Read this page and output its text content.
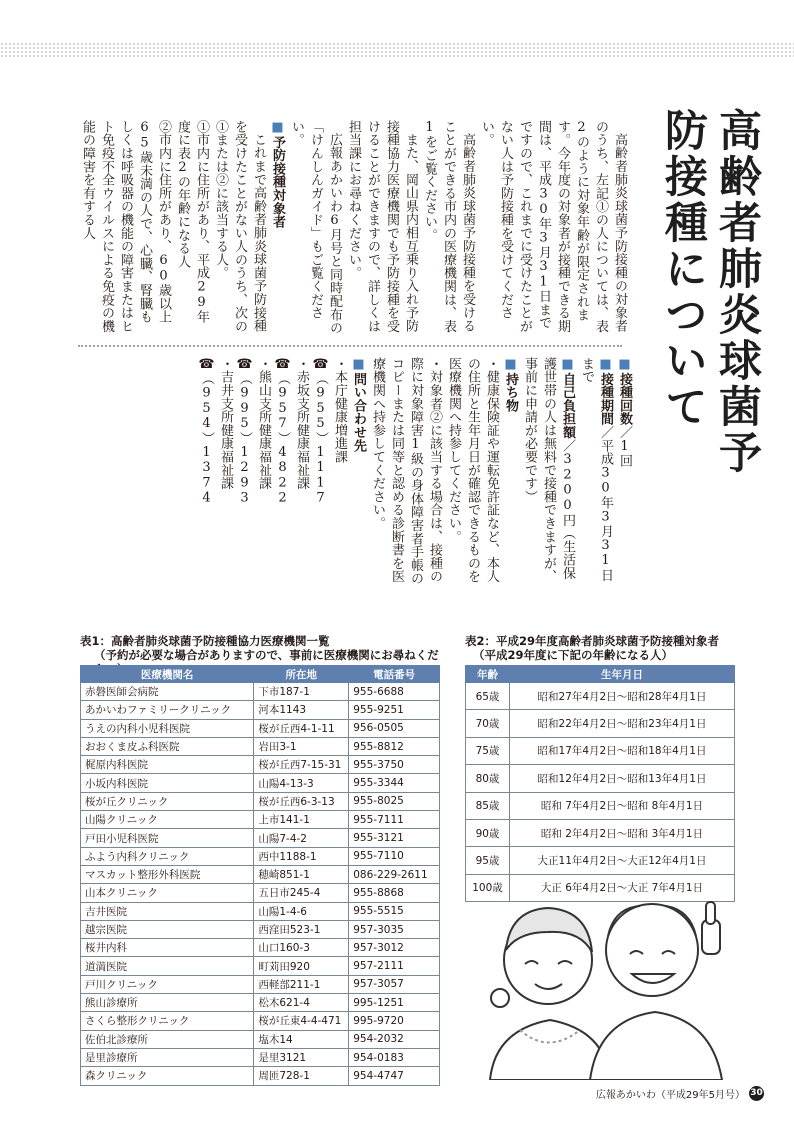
高齢者肺炎球菌予防接種について

高齢者肺炎球菌予防接種の対象者のうち、左記①の人については、表2のように対象年齢が限定されます。今年度の対象者が接種できる期間は、平成30年3月31日までですので、これまでに受けたことがない人は予防接種を受けてください。

高齢者肺炎球菌予防接種を受けることができる市内の医療機関は、表1をご覧ください。

また、岡山県内相互乗り入れ予防接種協力医療機関でも予防接種を受けることができますので、詳しくは担当課にお尋ねください。

広報あかいわ6月号と同時配布の「けんしんガイド」もご覧ください。

■予防接種対象者

これまで高齢者肺炎球菌予防接種を受けたことがない人のうち、次の①または②に該当する人。

①市内に住所があり、平成29年度に表2の年齢になる人

②市内に住所があり、60歳以上65歳未満の人で、心臓、腎臓もしくは呼吸器の機能の障害またはヒト免疫不全ウイルスによる免疫の機能の障害を有する人

■接種回数／1回

■接種期間／平成30年3月31日まで

■自己負担額／3200円（生活保護世帯の人は無料で接種できますが、事前に申請が必要です）

■持ち物

・健康保険証や運転免許証など、本人の住所と生年月日が確認できるものを医療機関へ持参してください。

・対象者②に該当する場合は、接種の際に対象障害1級の身体障害者手帳のコピーまたは同等と認める診断書を医療機関へ持参してください。

■問い合わせ先

・本庁健康増進課

☎（955）1117

・赤坂支所健康福祉課

☎（957）4822

・熊山支所健康福祉課

☎（995）1293

・吉井支所健康福祉課

☎（954）1374

表1：高齢者肺炎球菌予防接種協力医療機関一覧
（予約が必要な場合がありますので、事前に医療機関にお尋ねくだ
医療機関名	所在地	電話番号
赤磐医師会病院	下市187-1	955-6688
あかいわファミリークリニック	河本1143	955-9251
うえの内科小児科医院	桜が丘西4-1-11	956-0505
おおくま皮ふ科医院	岩田3-1	955-8812
梶原内科医院	桜が丘西7-15-31	955-3750
小坂内科医院	山陽4-13-3	955-3344
桜が丘クリニック	桜が丘西6-3-13	955-8025
山陽クリニック	上市141-1	955-7111
戸田小児科医院	山陽7-4-2	955-3121
ふよう内科クリニック	西中1188-1	955-7110
マスカット整形外科医院	穂崎851-1	086-229-2611
山本クリニック	五日市245-4	955-8868
吉井医院	山陽1-4-6	955-5515
越宗医院	西窪田523-1	957-3035
桜井内科	山口160-3	957-3012
道満医院	町苅田920	957-2111
戸川クリニック	西軽部211-1	957-3057
熊山診療所	松木621-4	995-1251
さくら整形クリニック	桜が丘東4-4-471	995-9720
佐伯北診療所	塩木14	954-2032
是里診療所	是里3121	954-0183
森クリニック	周匝728-1	954-4747
表2：平成29年度高齢者肺炎球菌予防接種対象者
（平成29年度に下記の年齢になる人）
年齢	生年月日
65歳	昭和27年4月2日～昭和28年4月1日
70歳	昭和22年4月2日～昭和23年4月1日
75歳	昭和17年4月2日～昭和18年4月1日
80歳	昭和12年4月2日～昭和13年4月1日
85歳	昭和 7年4月2日～昭和 8年4月1日
90歳	昭和 2年4月2日～昭和 3年4月1日
95歳	大正11年4月2日～大正12年4月1日
100歳	大正 6年4月2日～大正 7年4月1日
広報あかいわ（平成29年5月号） 30
